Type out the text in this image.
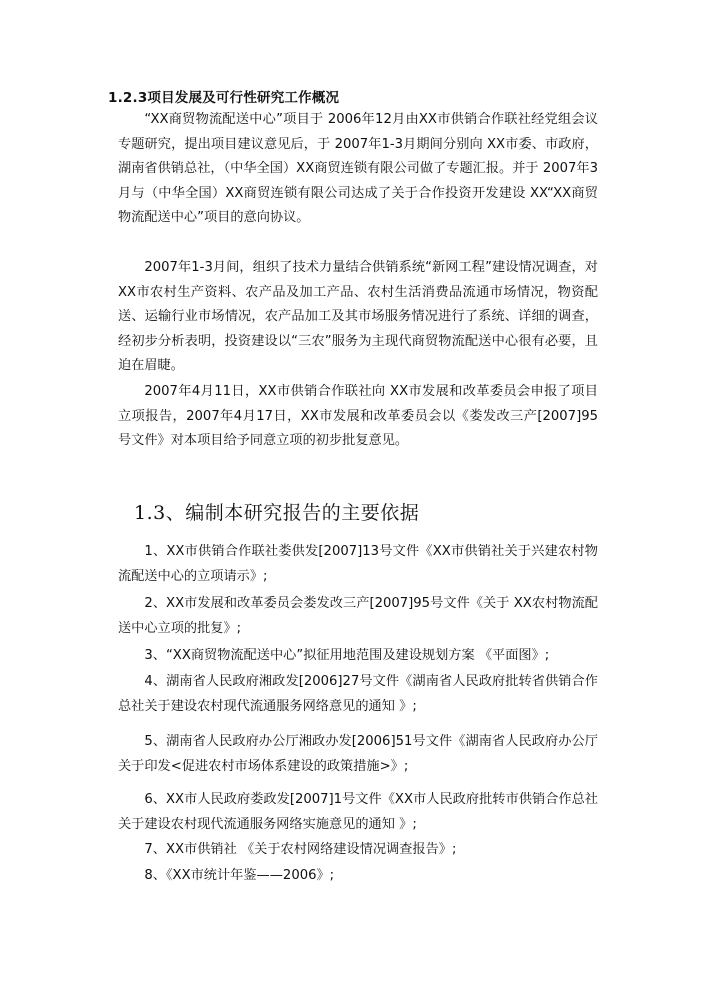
1.2.3项目发展及可行性研究工作概况

“XX商贸物流配送中心”项目于 2006年12月由XX市供销合作联社经党组会议专题研究，提出项目建议意见后，于 2007年1-3月期间分别向 XX市委、市政府，湖南省供销总社，（中华全国）XX商贸连锁有限公司做了专题汇报。并于 2007年3月与（中华全国）XX商贸连锁有限公司达成了关于合作投资开发建设 XX“XX商贸物流配送中心”项目的意向协议。

2007年1-3月间，组织了技术力量结合供销系统“新网工程”建设情况调查，对 XX市农村生产资料、农产品及加工产品、农村生活消费品流通市场情况，物资配送、运输行业市场情况，农产品加工及其市场服务情况进行了系统、详细的调查，经初步分析表明，投资建设以“三农”服务为主现代商贸物流配送中心很有必要，且迫在眉睫。

2007年4月11日，XX市供销合作联社向 XX市发展和改革委员会申报了项目立项报告，2007年4月17日，XX市发展和改革委员会以《娄发改三产[2007]95号文件》对本项目给予同意立项的初步批复意见。

1.3、编制本研究报告的主要依据

1、XX市供销合作联社娄供发[2007]13号文件《XX市供销社关于兴建农村物流配送中心的立项请示》;

2、XX市发展和改革委员会娄发改三产[2007]95号文件《关于 XX农村物流配送中心立项的批复》;

3、“XX商贸物流配送中心”拟征用地范围及建设规划方案 《平面图》;

4、湖南省人民政府湘政发[2006]27号文件《湖南省人民政府批转省供销合作总社关于建设农村现代流通服务网络意见的通知 》;

5、湖南省人民政府办公厅湘政办发[2006]51号文件《湖南省人民政府办公厅关于印发<促进农村市场体系建设的政策措施>》;

6、XX市人民政府娄政发[2007]1号文件《XX市人民政府批转市供销合作总社关于建设农村现代流通服务网络实施意见的通知 》;

7、XX市供销社 《关于农村网络建设情况调查报告》;

8、《XX市统计年鉴——2006》;
